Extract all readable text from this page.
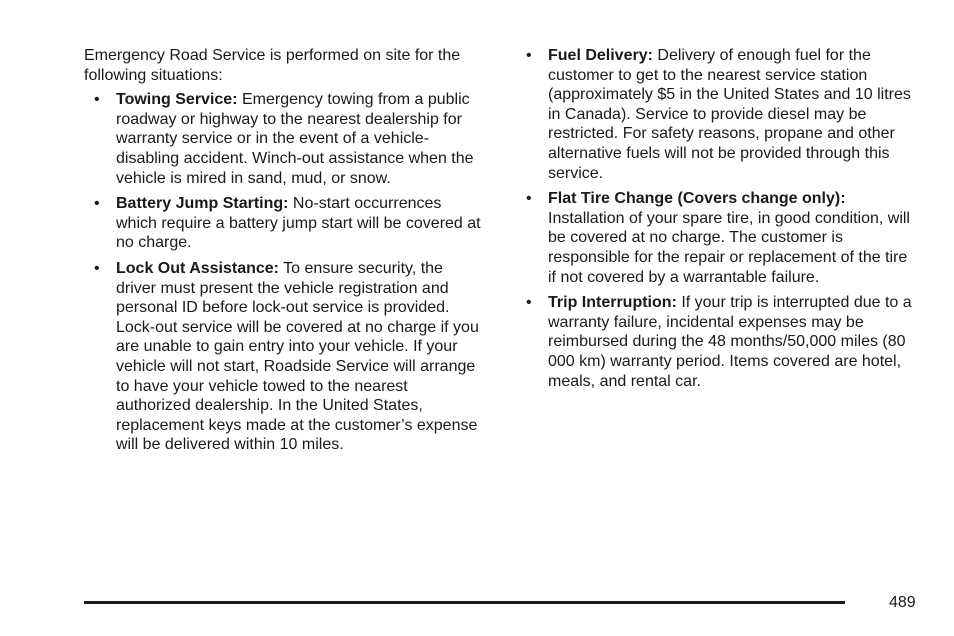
Emergency Road Service is performed on site for the following situations:

• Towing Service: Emergency towing from a public roadway or highway to the nearest dealership for warranty service or in the event of a vehicle-disabling accident. Winch-out assistance when the vehicle is mired in sand, mud, or snow.
• Battery Jump Starting: No-start occurrences which require a battery jump start will be covered at no charge.
• Lock Out Assistance: To ensure security, the driver must present the vehicle registration and personal ID before lock-out service is provided. Lock-out service will be covered at no charge if you are unable to gain entry into your vehicle. If your vehicle will not start, Roadside Service will arrange to have your vehicle towed to the nearest authorized dealership. In the United States, replacement keys made at the customer’s expense will be delivered within 10 miles.
• Fuel Delivery: Delivery of enough fuel for the customer to get to the nearest service station (approximately $5 in the United States and 10 litres in Canada). Service to provide diesel may be restricted. For safety reasons, propane and other alternative fuels will not be provided through this service.
• Flat Tire Change (Covers change only): Installation of your spare tire, in good condition, will be covered at no charge. The customer is responsible for the repair or replacement of the tire if not covered by a warrantable failure.
• Trip Interruption: If your trip is interrupted due to a warranty failure, incidental expenses may be reimbursed during the 48 months/50,000 miles (80 000 km) warranty period. Items covered are hotel, meals, and rental car.
489
